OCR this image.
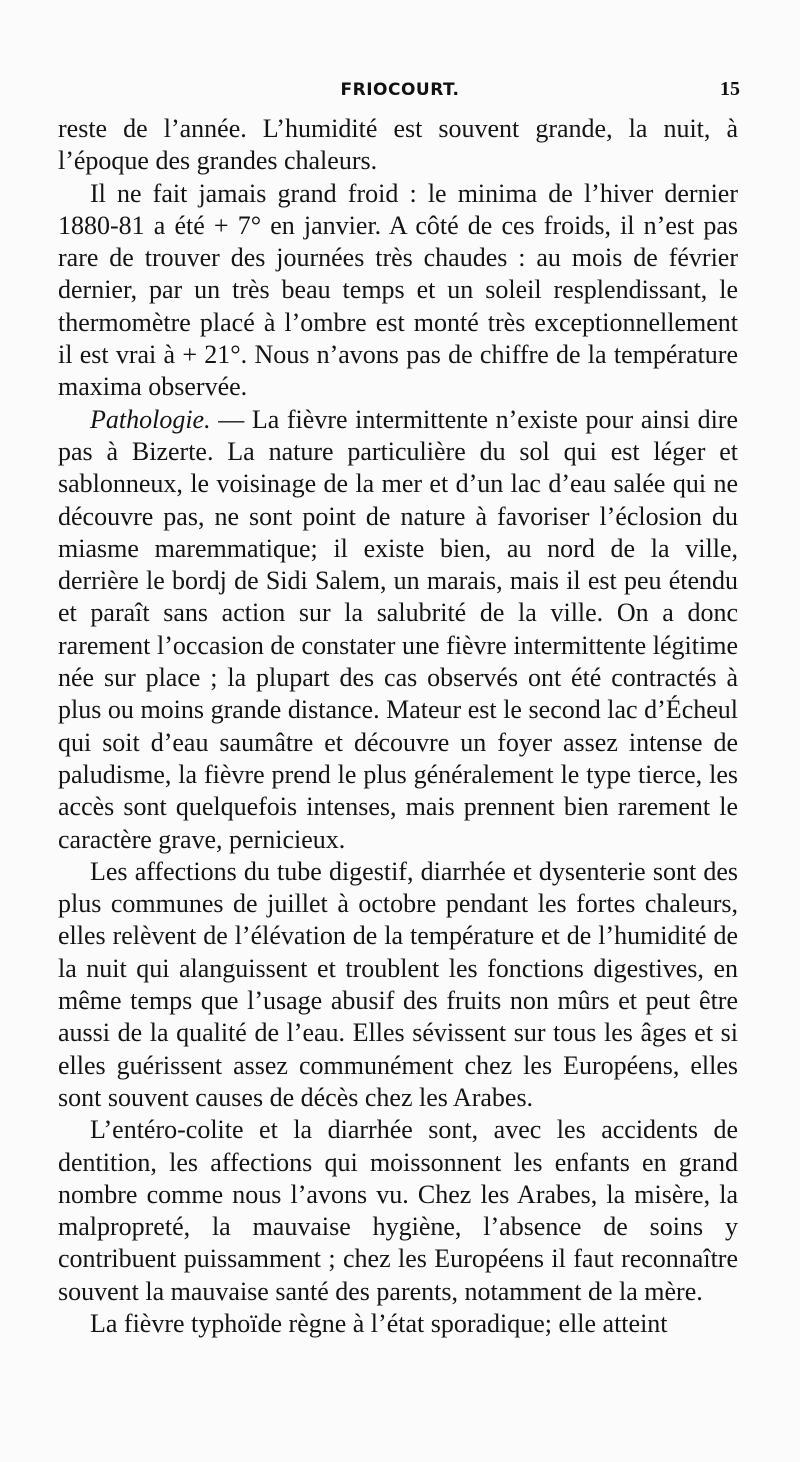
FRIOCOURT.	15

reste de l’année. L’humidité est souvent grande, la nuit, à l’époque des grandes chaleurs.

Il ne fait jamais grand froid : le minima de l’hiver dernier 1880-81 a été + 7° en janvier. A côté de ces froids, il n’est pas rare de trouver des journées très chaudes : au mois de février dernier, par un très beau temps et un soleil resplendissant, le thermomètre placé à l’ombre est monté très exceptionnellement il est vrai à + 21°. Nous n’avons pas de chiffre de la température maxima observée.

Pathologie. — La fièvre intermittente n’existe pour ainsi dire pas à Bizerte. La nature particulière du sol qui est léger et sablonneux, le voisinage de la mer et d’un lac d’eau salée qui ne découvre pas, ne sont point de nature à favoriser l’éclosion du miasme maremmatique; il existe bien, au nord de la ville, derrière le bordj de Sidi Salem, un marais, mais il est peu étendu et paraît sans action sur la salubrité de la ville. On a donc rarement l’occasion de constater une fièvre intermittente légitime née sur place ; la plupart des cas observés ont été contractés à plus ou moins grande distance. Mateur est le second lac d’Écheul qui soit d’eau saumâtre et découvre un foyer assez intense de paludisme, la fièvre prend le plus généralement le type tierce, les accès sont quelquefois intenses, mais prennent bien rarement le caractère grave, pernicieux.

Les affections du tube digestif, diarrhée et dysenterie sont des plus communes de juillet à octobre pendant les fortes chaleurs, elles relèvent de l’élévation de la température et de l’humidité de la nuit qui alanguissent et troublent les fonctions digestives, en même temps que l’usage abusif des fruits non mûrs et peut être aussi de la qualité de l’eau. Elles sévissent sur tous les âges et si elles guérissent assez communément chez les Européens, elles sont souvent causes de décès chez les Arabes.

L’entéro-colite et la diarrhée sont, avec les accidents de dentition, les affections qui moissonnent les enfants en grand nombre comme nous l’avons vu. Chez les Arabes, la misère, la malpropreté, la mauvaise hygiène, l’absence de soins y contribuent puissamment ; chez les Européens il faut reconnaître souvent la mauvaise santé des parents, notamment de la mère.

La fièvre typhoïde règne à l’état sporadique; elle atteint
